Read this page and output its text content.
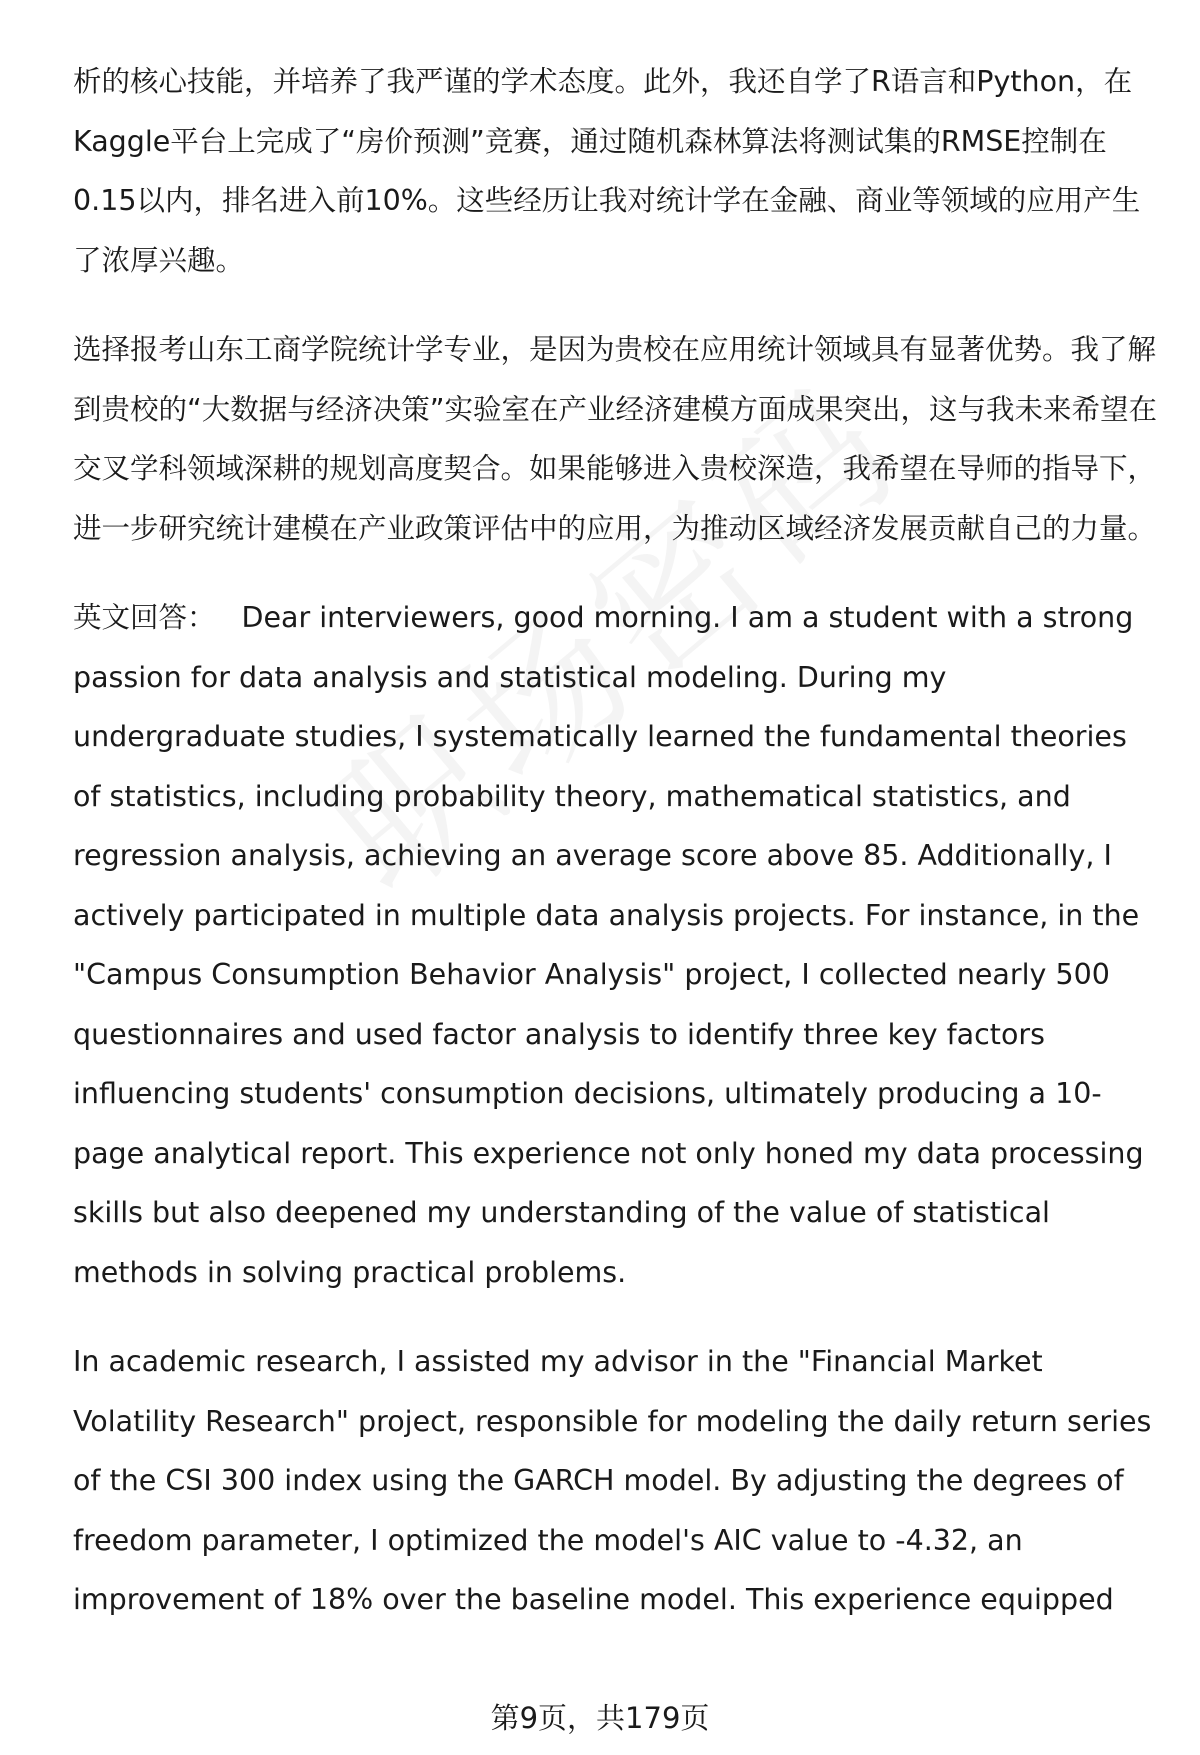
析的核心技能，并培养了我严谨的学术态度。此外，我还自学了R语言和Python，在Kaggle平台上完成了“房价预测”竞赛，通过随机森林算法将测试集的RMSE控制在0.15以内，排名进入前10%。这些经历让我对统计学在金融、商业等领域的应用产生了浓厚兴趣。

选择报考山东工商学院统计学专业，是因为贵校在应用统计领域具有显著优势。我了解到贵校的“大数据与经济决策”实验室在产业经济建模方面成果突出，这与我未来希望在交叉学科领域深耕的规划高度契合。如果能够进入贵校深造，我希望在导师的指导下，进一步研究统计建模在产业政策评估中的应用，为推动区域经济发展贡献自己的力量。

英文回答： Dear interviewers, good morning. I am a student with a strong passion for data analysis and statistical modeling. During my undergraduate studies, I systematically learned the fundamental theories of statistics, including probability theory, mathematical statistics, and regression analysis, achieving an average score above 85. Additionally, I actively participated in multiple data analysis projects. For instance, in the "Campus Consumption Behavior Analysis" project, I collected nearly 500 questionnaires and used factor analysis to identify three key factors influencing students' consumption decisions, ultimately producing a 10-page analytical report. This experience not only honed my data processing skills but also deepened my understanding of the value of statistical methods in solving practical problems.

In academic research, I assisted my advisor in the "Financial Market Volatility Research" project, responsible for modeling the daily return series of the CSI 300 index using the GARCH model. By adjusting the degrees of freedom parameter, I optimized the model's AIC value to -4.32, an improvement of 18% over the baseline model. This experience equipped

第9页，共179页
